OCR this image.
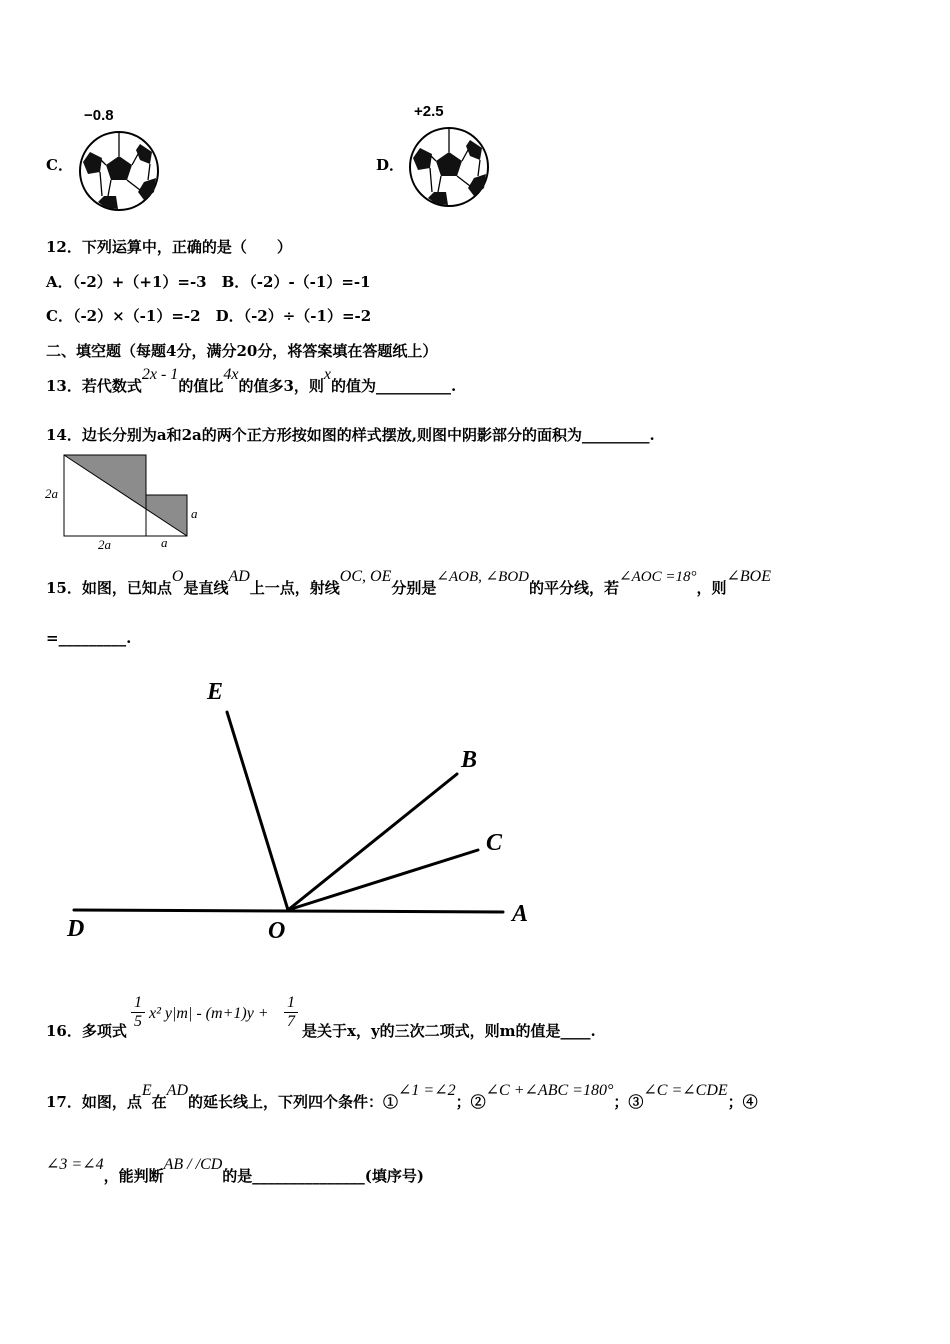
C．
−0.8
D．
+2.5
12．下列运算中，正确的是（　　）
A．（-2）+（+1）=-3　B．（-2）-（-1）=-1
C．（-2）×（-1）=-2　D．（-2）÷（-1）=-2
二、填空题（每题4分，满分20分，将答案填在答题纸上）
13．若代数式2x - 1的值比4x的值多3，则x的值为__________.
14．边长分别为a和2a的两个正方形按如图的样式摆放,则图中阴影部分的面积为_________.
2a
a
2a	a
15．如图，已知点O是直线AD上一点，射线OC, OE分别是∠AOB, ∠BOD的平分线，若∠AOC =18°，则∠BOE
=_________.
E
B
C
A
D	O
16．多项式 $\frac{1}{5} x^2$ $y|m| - (m+1)y + \frac{1}{7}$ 是关于x，y的三次二项式，则m的值是____.
17．如图，点E在AD的延长线上，下列四个条件：①∠1 =∠2；②∠C +∠ABC =180°；③∠C =∠CDE；④
∠3 =∠4，能判断AB / /CD的是_______________(填序号)
